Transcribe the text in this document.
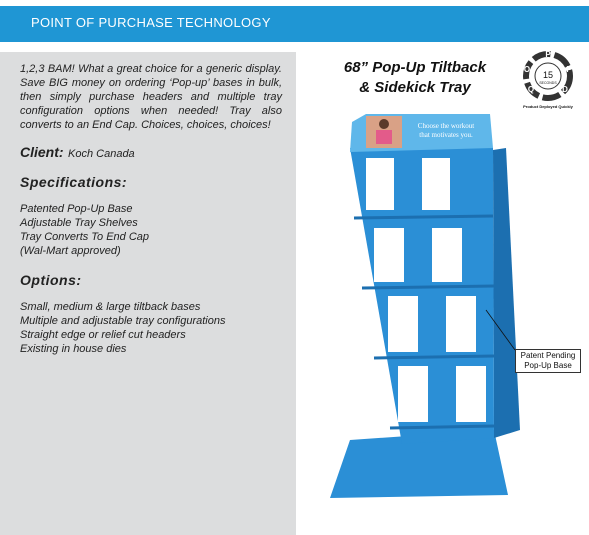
POINT OF PURCHASE TECHNOLOGY

1,2,3 BAM! What a great choice for a generic display. Save BIG money on ordering ‘Pop-up’ bases in bulk, then simply purchase headers and multiple tray configuration options when needed! Tray also converts to an End Cap. Choices, choices, choices!

Client: Koch Canada

Specifications:
Patented Pop-Up Base
Adjustable Tray Shelves
Tray Converts To End Cap
(Wal-Mart approved)
Options:
Small, medium & large tiltback bases
Multiple and adjustable tray configurations
Straight edge or relief cut headers
Existing in house dies
68” Pop-Up Tiltback
& Sidekick Tray
P
O	P
Q	D
15
SECONDS
Product Deployed Quickly
Choose the workout
that motivates you.
Patent Pending
Pop-Up Base
